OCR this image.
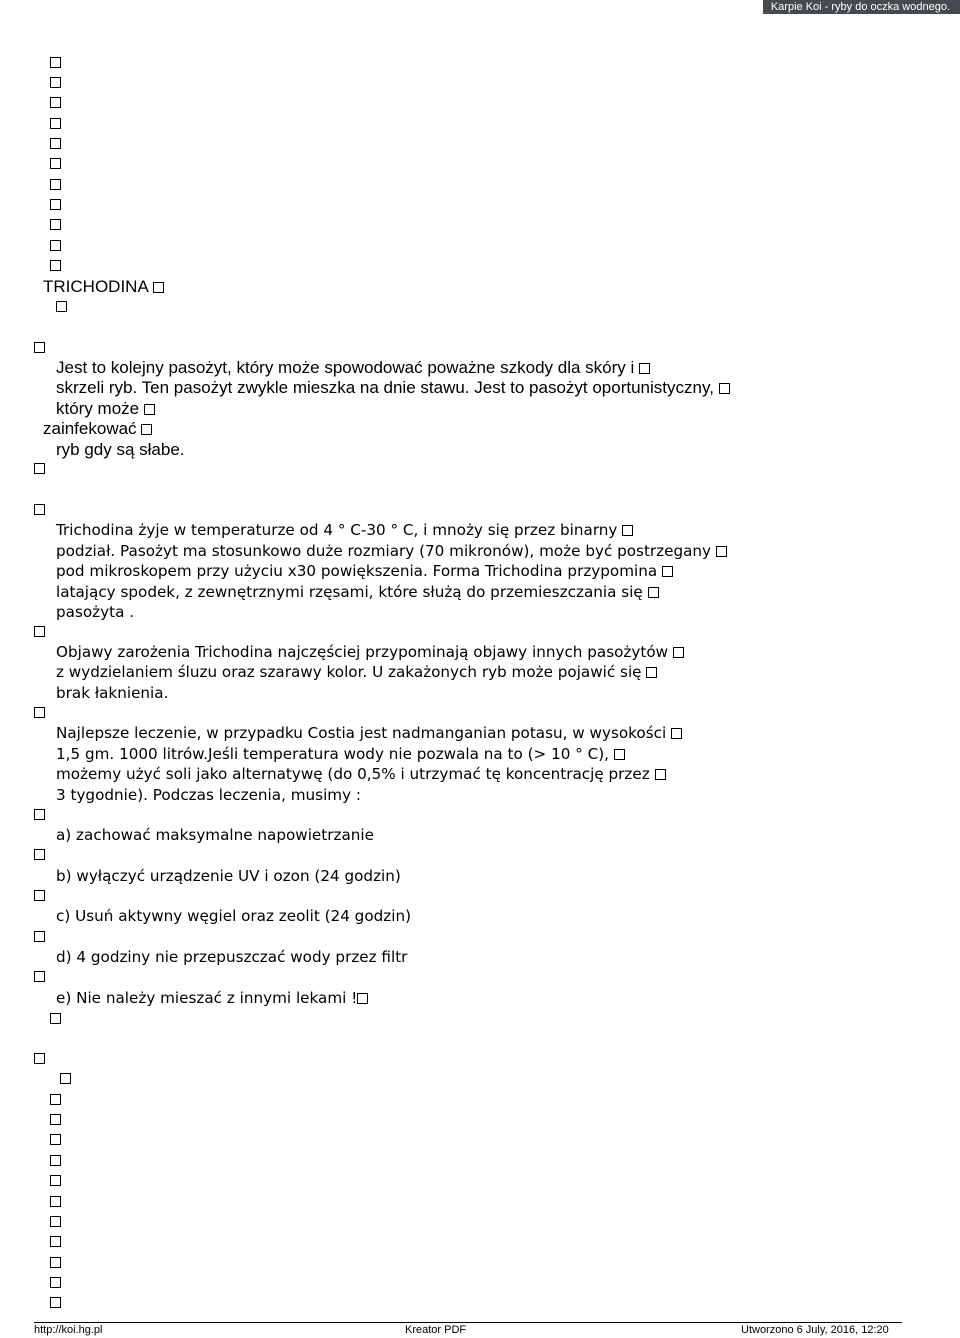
Karpie Koi - ryby do oczka wodnego.
TRICHODINA
Jest to kolejny pasożyt, który może spowodować poważne szkody dla skóry i
skrzeli ryb. Ten pasożyt zwykle mieszka na dnie stawu. Jest to pasożyt oportunistyczny,
który może
zainfekować
ryb gdy są słabe.
Trichodina żyje w temperaturze od 4 ° C-30 ° C, i mnoży się przez binarny
podział. Pasożyt ma stosunkowo duże rozmiary (70 mikronów), może być postrzegany
pod mikroskopem przy użyciu x30 powiększenia. Forma Trichodina przypomina
latający spodek, z zewnętrznymi rzęsami, które służą do przemieszczania się
pasożyta .
Objawy zarożenia Trichodina najczęściej przypominają objawy innych pasożytów
z wydzielaniem śluzu oraz szarawy kolor. U zakażonych ryb może pojawić się
brak łaknienia.
Najlepsze leczenie, w przypadku Costia jest nadmanganian potasu, w wysokości
1,5 gm. 1000 litrów.Jeśli temperatura wody nie pozwala na to (> 10 ° C),
możemy użyć soli jako alternatywę (do 0,5% i utrzymać tę koncentrację przez
3 tygodnie). Podczas leczenia, musimy :
a) zachować maksymalne napowietrzanie
b) wyłączyć urządzenie UV i ozon (24 godzin)
c) Usuń aktywny węgiel oraz zeolit (24 godzin)
d) 4 godziny nie przepuszczać wody przez filtr
e) Nie należy mieszać z innymi lekami !
http://koi.hg.pl	Kreator PDF	Utworzono 6 July, 2016, 12:20
